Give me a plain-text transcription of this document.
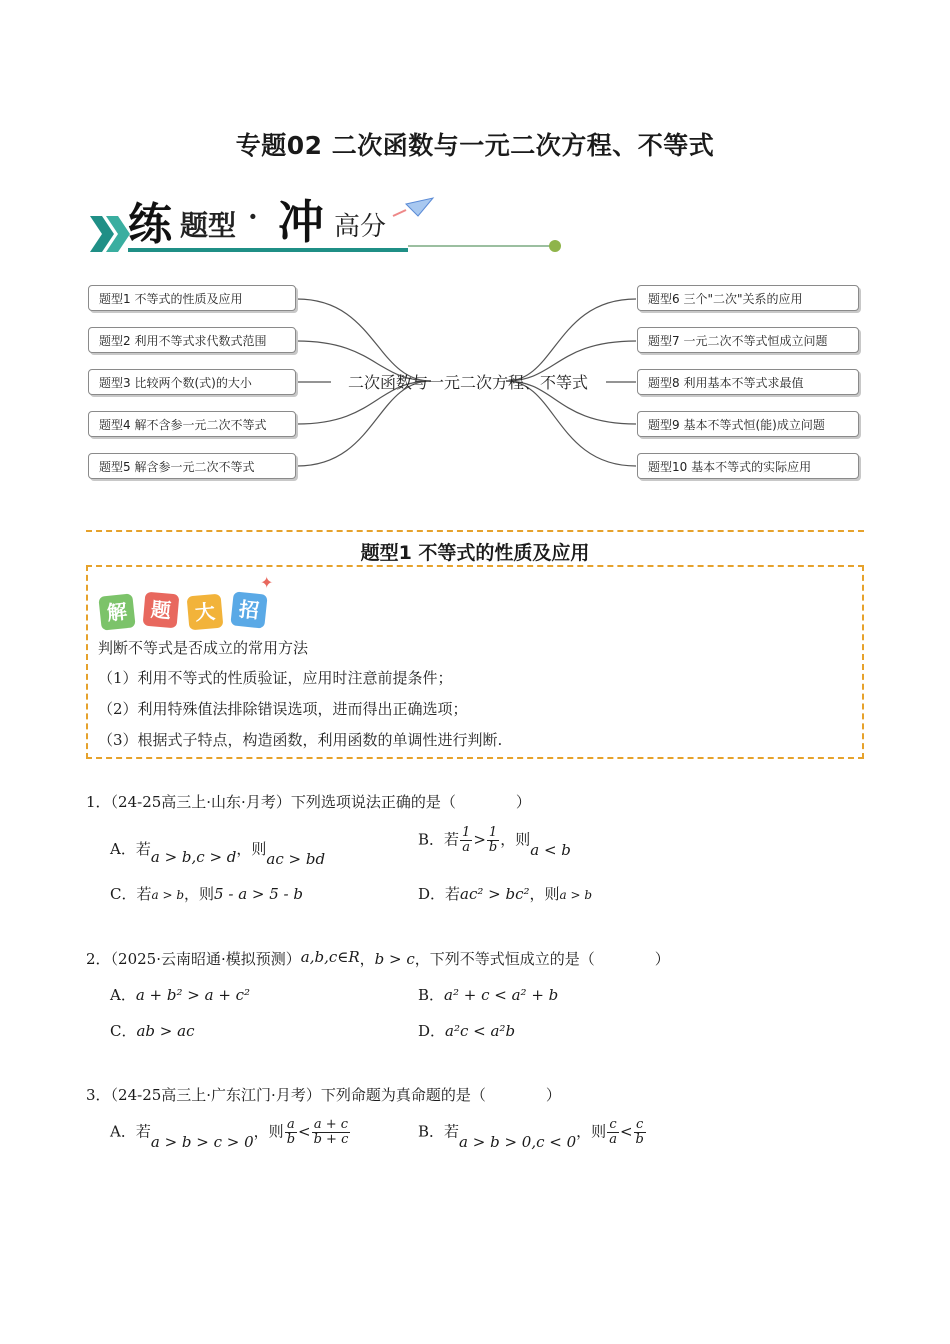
专题02 二次函数与一元二次方程、不等式
练 题型 · 冲 高分
题型1 不等式的性质及应用
题型2 利用不等式求代数式范围
题型3 比较两个数(式)的大小
题型4 解不含参一元二次不等式
题型5 解含参一元二次不等式
二次函数与一元二次方程、不等式
题型6 三个"二次"关系的应用
题型7 一元二次不等式恒成立问题
题型8 利用基本不等式求最值
题型9 基本不等式恒(能)成立问题
题型10 基本不等式的实际应用
题型1 不等式的性质及应用
解	题	大	招
✦
判断不等式是否成立的常用方法
（1）利用不等式的性质验证，应用时注意前提条件；
（2）利用特殊值法排除错误选项，进而得出正确选项；
（3）根据式子特点，构造函数，利用函数的单调性进行判断.
1．（24-25高三上·山东·月考）下列选项说法正确的是（　　　　）
A．若a > b,c > d，则ac > bd
B．若 $\frac{1}{a} > \frac{1}{b}$ ，则a < b
C．若a > b，则5 - a > 5 - b	D．若ac² > bc²，则a > b
2．（2025·云南昭通·模拟预测）a,b,c∈R，b > c，下列不等式恒成立的是（　　　　）
A．a + b² > a + c²	B．a² + c < a² + b
C．ab > ac	D．a²c < a²b
3．（24-25高三上·广东江门·月考）下列命题为真命题的是（　　　　）
A．若a > b > c > 0，则 $\frac{a}{b} < \frac{a + c}{b + c}$	B．若a > b > 0,c < 0，则 $\frac{c}{a} < \frac{c}{b}$
